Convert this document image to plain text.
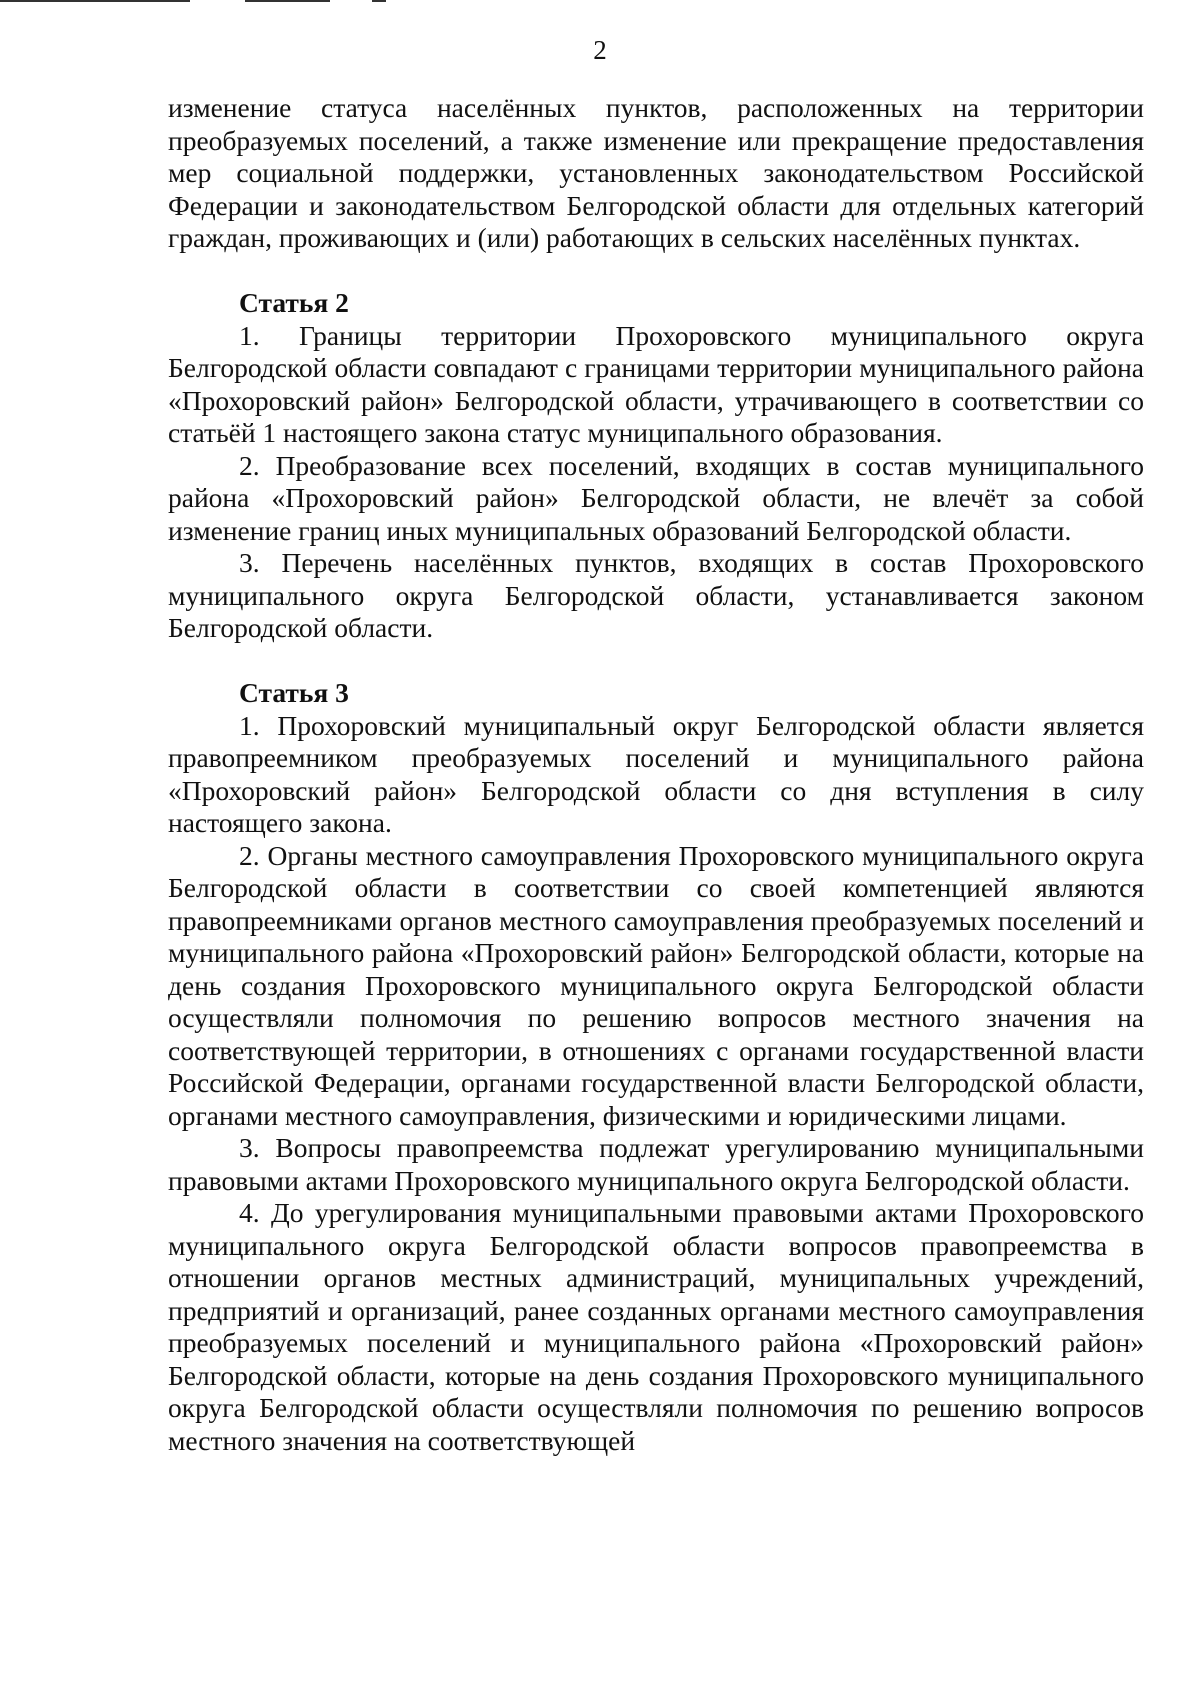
2

изменение статуса населённых пунктов, расположенных на территории преобразуемых поселений, а также изменение или прекращение предоставления мер социальной поддержки, установленных законодательством Российской Федерации и законодательством Белгородской области для отдельных категорий граждан, проживающих и (или) работающих в сельских населённых пунктах.

Статья 2

1. Границы территории Прохоровского муниципального округа Белгородской области совпадают с границами территории муниципального района «Прохоровский район» Белгородской области, утрачивающего в соответствии со статьёй 1 настоящего закона статус муниципального образования.

2. Преобразование всех поселений, входящих в состав муниципального района «Прохоровский район» Белгородской области, не влечёт за собой изменение границ иных муниципальных образований Белгородской области.

3. Перечень населённых пунктов, входящих в состав Прохоровского муниципального округа Белгородской области, устанавливается законом Белгородской области.

Статья 3

1. Прохоровский муниципальный округ Белгородской области является правопреемником преобразуемых поселений и муниципального района «Прохоровский район» Белгородской области со дня вступления в силу настоящего закона.

2. Органы местного самоуправления Прохоровского муниципального округа Белгородской области в соответствии со своей компетенцией являются правопреемниками органов местного самоуправления преобразуемых поселений и муниципального района «Прохоровский район» Белгородской области, которые на день создания Прохоровского муниципального округа Белгородской области осуществляли полномочия по решению вопросов местного значения на соответствующей территории, в отношениях с органами государственной власти Российской Федерации, органами государственной власти Белгородской области, органами местного самоуправления, физическими и юридическими лицами.

3. Вопросы правопреемства подлежат урегулированию муниципальными правовыми актами Прохоровского муниципального округа Белгородской области.

4. До урегулирования муниципальными правовыми актами Прохоровского муниципального округа Белгородской области вопросов правопреемства в отношении органов местных администраций, муниципальных учреждений, предприятий и организаций, ранее созданных органами местного самоуправления преобразуемых поселений и муниципального района «Прохоровский район» Белгородской области, которые на день создания Прохоровского муниципального округа Белгородской области осуществляли полномочия по решению вопросов местного значения на соответствующей
